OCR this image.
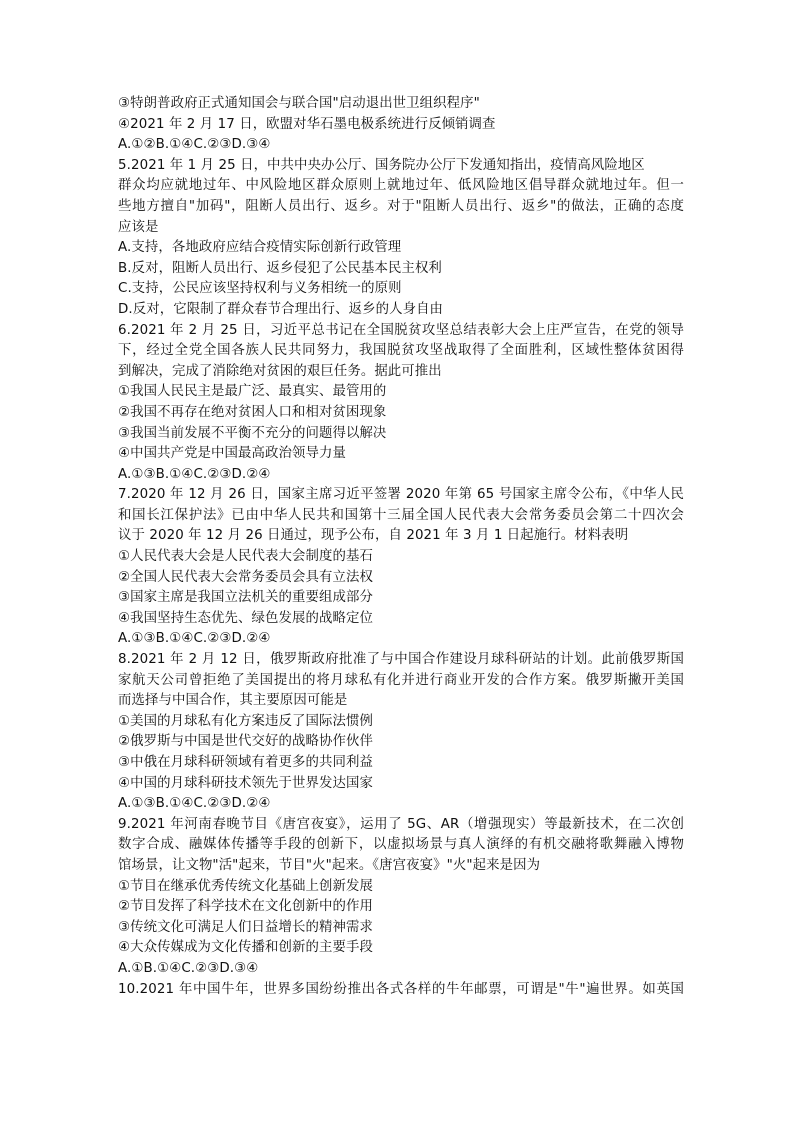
③特朗普政府正式通知国会与联合国"启动退出世卫组织程序"
④2021 年 2 月 17 日，欧盟对华石墨电极系统进行反倾销调查
A.①②B.①④C.②③D.③④
5.2021 年 1 月 25 日，中共中央办公厅、国务院办公厅下发通知指出，疫情高风险地区
群众均应就地过年、中风险地区群众原则上就地过年、低风险地区倡导群众就地过年。但一
些地方擅自"加码"，阻断人员出行、返乡。对于"阻断人员出行、返乡"的做法，正确的态度
应该是
A.支持，各地政府应结合疫情实际创新行政管理
B.反对，阻断人员出行、返乡侵犯了公民基本民主权利
C.支持，公民应该坚持权利与义务相统一的原则
D.反对，它限制了群众春节合理出行、返乡的人身自由
6.2021 年 2 月 25 日，习近平总书记在全国脱贫攻坚总结表彰大会上庄严宣告，在党的领导
下，经过全党全国各族人民共同努力，我国脱贫攻坚战取得了全面胜利，区域性整体贫困得
到解决，完成了消除绝对贫困的艰巨任务。据此可推出
①我国人民民主是最广泛、最真实、最管用的
②我国不再存在绝对贫困人口和相对贫困现象
③我国当前发展不平衡不充分的问题得以解决
④中国共产党是中国最高政治领导力量
A.①③B.①④C.②③D.②④
7.2020 年 12 月 26 日，国家主席习近平签署 2020 年第 65 号国家主席令公布，《中华人民
和国长江保护法》已由中华人民共和国第十三届全国人民代表大会常务委员会第二十四次会
议于 2020 年 12 月 26 日通过，现予公布，自 2021 年 3 月 1 日起施行。材料表明
①人民代表大会是人民代表大会制度的基石
②全国人民代表大会常务委员会具有立法权
③国家主席是我国立法机关的重要组成部分
④我国坚持生态优先、绿色发展的战略定位
A.①③B.①④C.②③D.②④
8.2021 年 2 月 12 日，俄罗斯政府批准了与中国合作建设月球科研站的计划。此前俄罗斯国
家航天公司曾拒绝了美国提出的将月球私有化并进行商业开发的合作方案。俄罗斯撇开美国
而选择与中国合作，其主要原因可能是
①美国的月球私有化方案违反了国际法惯例
②俄罗斯与中国是世代交好的战略协作伙伴
③中俄在月球科研领域有着更多的共同利益
④中国的月球科研技术领先于世界发达国家
A.①③B.①④C.②③D.②④
9.2021 年河南春晚节目《唐宫夜宴》，运用了 5G、AR（增强现实）等最新技术，在二次创
数字合成、融媒体传播等手段的创新下，以虚拟场景与真人演绎的有机交融将歌舞融入博物
馆场景，让文物"活"起来，节目"火"起来。《唐宫夜宴》"火"起来是因为
①节目在继承优秀传统文化基础上创新发展
②节目发挥了科学技术在文化创新中的作用
③传统文化可满足人们日益增长的精神需求
④大众传媒成为文化传播和创新的主要手段
A.①B.①④C.②③D.③④
10.2021 年中国牛年，世界多国纷纷推出各式各样的牛年邮票，可谓是"牛"遍世界。如英国
